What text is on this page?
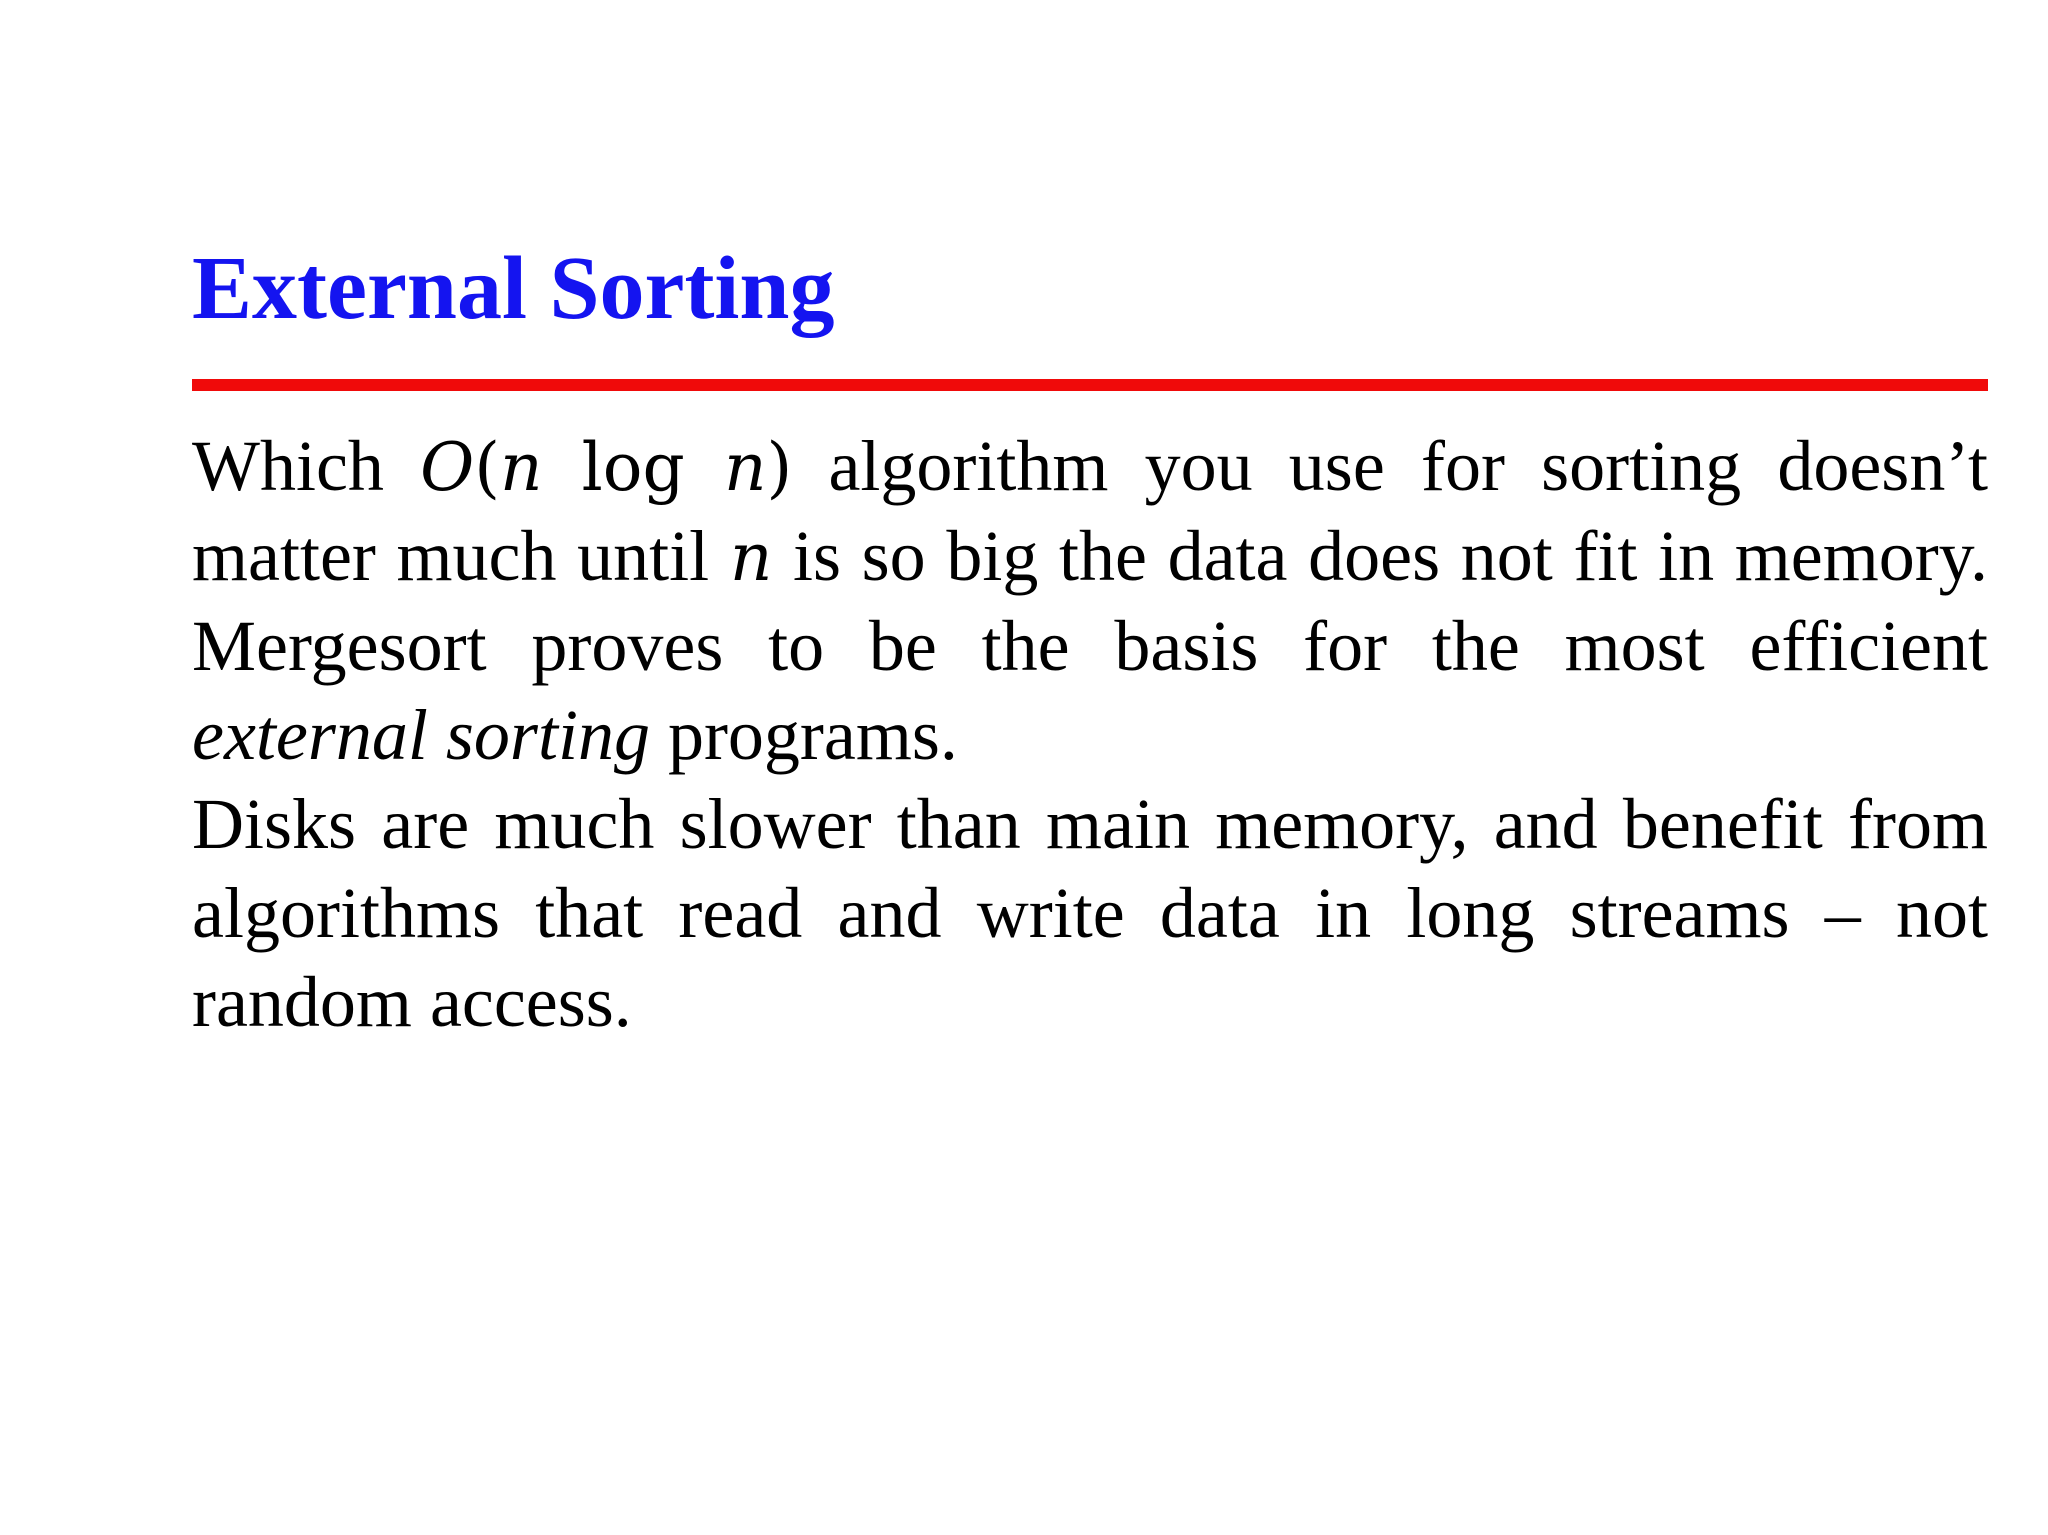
External Sorting

Which O(n log n) algorithm you use for sorting doesn’t matter much until n is so big the data does not fit in memory. Mergesort proves to be the basis for the most efficient external sorting programs.

Disks are much slower than main memory, and benefit from algorithms that read and write data in long streams – not random access.
